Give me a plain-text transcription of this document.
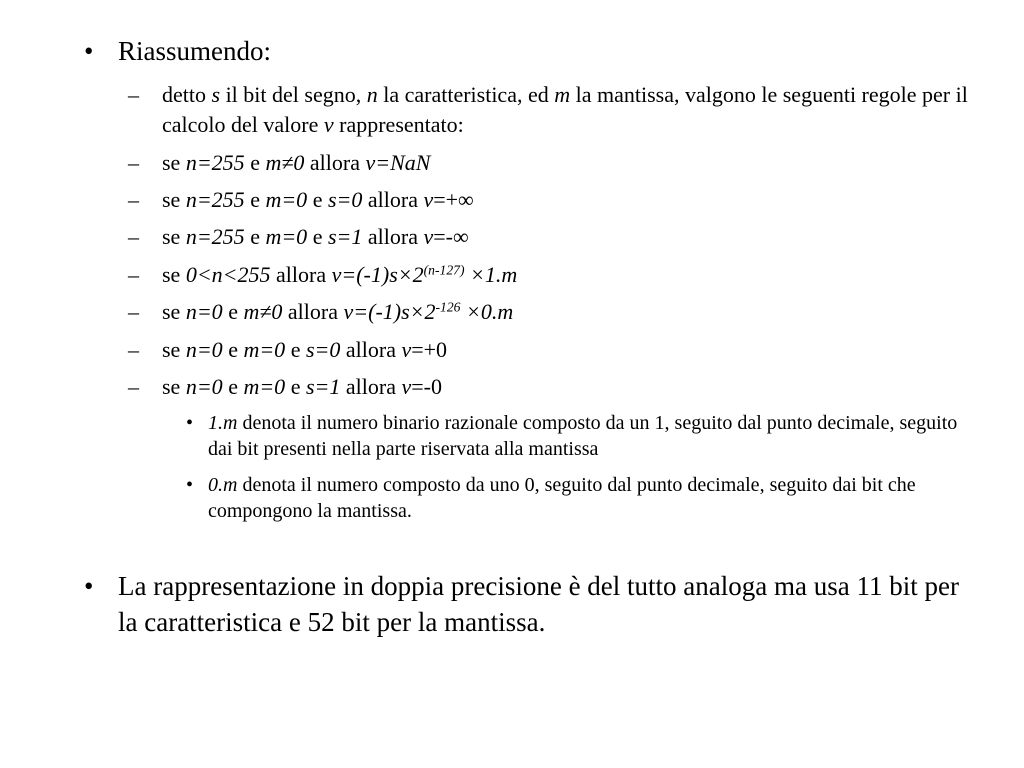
• Riassumendo:
– detto s il bit del segno, n la caratteristica, ed m la mantissa, valgono le seguenti regole per il calcolo del valore v rappresentato:
– se n=255 e m≠0 allora v=NaN
– se n=255 e m=0 e s=0 allora v=+∞
– se n=255 e m=0 e s=1 allora v=-∞
– se 0<n<255 allora $v=(-1)s\times 2^{(n-127)} \times 1.m$
– se n=0 e m≠0 allora $v=(-1)s\times 2^{-126} \times 0.m$
– se n=0 e m=0 e s=0 allora v=+0
– se n=0 e m=0 e s=1 allora v=-0
• 1.m denota il numero binario razionale composto da un 1, seguito dal punto decimale, seguito dai bit presenti nella parte riservata alla mantissa
• 0.m denota il numero composto da uno 0, seguito dal punto decimale, seguito dai bit che compongono la mantissa.
• La rappresentazione in doppia precisione è del tutto analoga ma usa 11 bit per la caratteristica e 52 bit per la mantissa.
